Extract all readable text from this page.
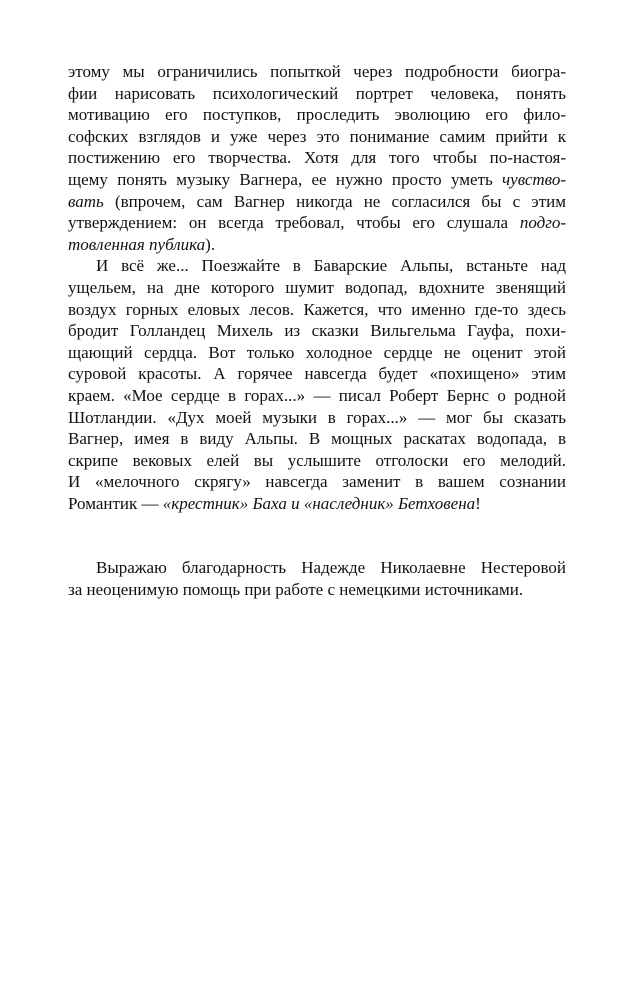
этому мы ограничились попыткой через подробности биогра-
фии нарисовать психологический портрет человека, понять
мотивацию его поступков, проследить эволюцию его фило-
софских взглядов и уже через это понимание самим прийти к
постижению его творчества. Хотя для того чтобы по-настоя-
щему понять музыку Вагнера, ее нужно просто уметь чувство-
вать (впрочем, сам Вагнер никогда не согласился бы с этим
утверждением: он всегда требовал, чтобы его слушала подго-
товленная публика).
И всё же... Поезжайте в Баварские Альпы, встаньте над
ущельем, на дне которого шумит водопад, вдохните звенящий
воздух горных еловых лесов. Кажется, что именно где-то здесь
бродит Голландец Михель из сказки Вильгельма Гауфа, похи-
щающий сердца. Вот только холодное сердце не оценит этой
суровой красоты. А горячее навсегда будет «похищено» этим
краем. «Мое сердце в горах...» — писал Роберт Бернс о родной
Шотландии. «Дух моей музыки в горах...» — мог бы сказать
Вагнер, имея в виду Альпы. В мощных раскатах водопада, в
скрипе вековых елей вы услышите отголоски его мелодий.
И «мелочного скрягу» навсегда заменит в вашем сознании
Романтик — «крестник» Баха и «наследник» Бетховена!
Выражаю благодарность Надежде Николаевне Нестеровой
за неоценимую помощь при работе с немецкими источниками.
